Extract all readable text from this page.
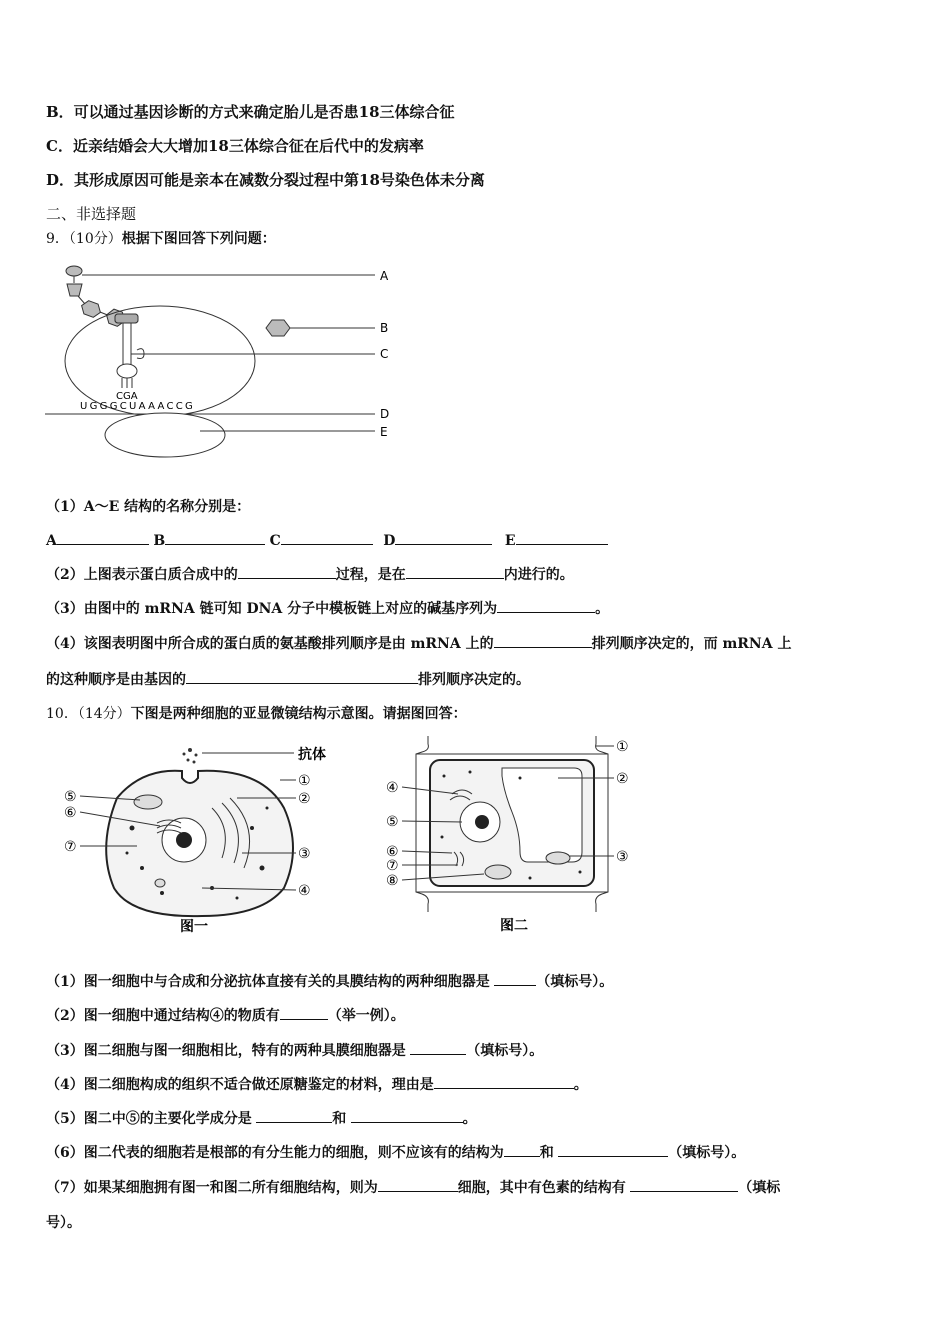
B．可以通过基因诊断的方式来确定胎儿是否患18三体综合征
C．近亲结婚会大大增加18三体综合征在后代中的发病率
D．其形成原因可能是亲本在减数分裂过程中第18号染色体未分离
二、非选择题
9．（10分）根据下图回答下列问题：
A
B
C
CGA
UGGGCUAAACCG
D
E
（1）A～E 结构的名称分别是：
A	B	C	D	E
（2）上图表示蛋白质合成中的	过程，是在	内进行的。
（3）由图中的 mRNA 链可知 DNA 分子中模板链上对应的碱基序列为	。
（4）该图表明图中所合成的蛋白质的氨基酸排列顺序是由 mRNA 上的	排列顺序决定的，而 mRNA 上
的这种顺序是由基因的	排列顺序决定的。
10．（14分）下图是两种细胞的亚显微镜结构示意图。请据图回答：
抗体
①
②
③
④
⑤
⑥
⑦
图一
①
②
③
④
⑤
⑥
⑦
⑧
图二
（1）图一细胞中与合成和分泌抗体直接有关的具膜结构的两种细胞器是	（填标号）。
（2）图一细胞中通过结构④的物质有	（举一例）。
（3）图二细胞与图一细胞相比，特有的两种具膜细胞器是	（填标号）。
（4）图二细胞构成的组织不适合做还原糖鉴定的材料，理由是	。
（5）图二中⑤的主要化学成分是	和	。
（6）图二代表的细胞若是根部的有分生能力的细胞，则不应该有的结构为	和	（填标号）。
（7）如果某细胞拥有图一和图二所有细胞结构，则为	细胞，其中有色素的结构有	（填标
号）。
